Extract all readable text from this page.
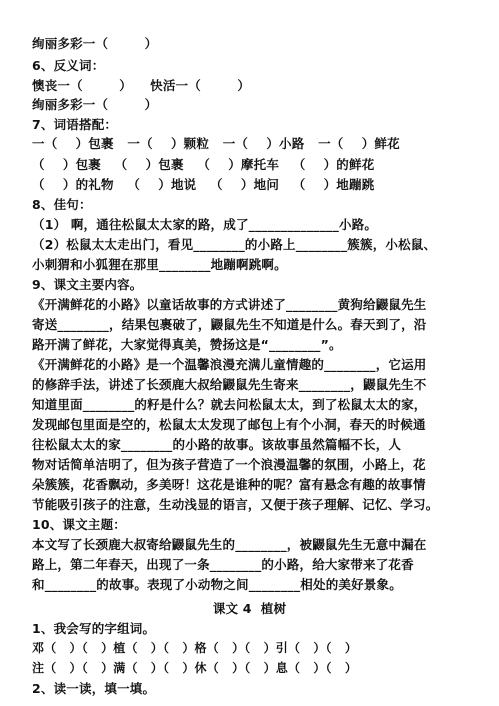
绚丽多彩一（        ）
6、反义词：
懊丧一（        ）    快活一（        ）
绚丽多彩一（        ）
7、词语搭配：
一（    ）包裹   一（    ）颗粒   一（    ）小路   一（    ）鲜花
（    ）包裹   （    ）包裹   （    ）摩托车   （    ）的鲜花
（    ）的礼物   （    ）地说   （    ）地问   （    ）地蹦跳
8、佳句：
（1） 啊，通往松鼠太太家的路，成了______________小路。
（2）松鼠太太走出门，看见________的小路上________簇簇，小松鼠、
小刺猬和小狐狸在那里________地蹦啊跳啊。
9、课文主要内容。
《开满鲜花的小路》以童话故事的方式讲述了________黄狗给鼹鼠先生
寄送________，结果包裹破了，鼹鼠先生不知道是什么。春天到了，沿
路开满了鲜花，大家觉得真美，赞扬这是“________”。
《开满鲜花的小路》是一个温馨浪漫充满儿童情趣的________，它运用
的修辞手法，讲述了长颈鹿大叔给鼹鼠先生寄来________，鼹鼠先生不
知道里面________的籽是什么？就去问松鼠太太，到了松鼠太太的家，
发现邮包里面是空的，松鼠太太发现了邮包上有个小洞，春天的时候通
往松鼠太太的家________的小路的故事。该故事虽然篇幅不长，人
物对话简单洁明了，但为孩子营造了一个浪漫温馨的氛围，小路上，花
朵簇簇，花香飘动，多美呀！这花是谁种的呢？富有悬念有趣的故事情
节能吸引孩子的注意，生动浅显的语言，又便于孩子理解、记忆、学习。
10、课文主题：
本文写了长颈鹿大叔寄给鼹鼠先生的________，被鼹鼠先生无意中漏在
路上，第二年春天，出现了一条________的小路，给大家带来了花香
和________的故事。表现了小动物之间________相处的美好景象。
课文 4  植树
1、我会写的字组词。
邓（   ）（   ）植（   ）（   ）格（   ）（   ）引（   ）（   ）
注（   ）（   ）满（   ）（   ）休（   ）（   ）息（   ）（   ）
2、读一读，填一填。
